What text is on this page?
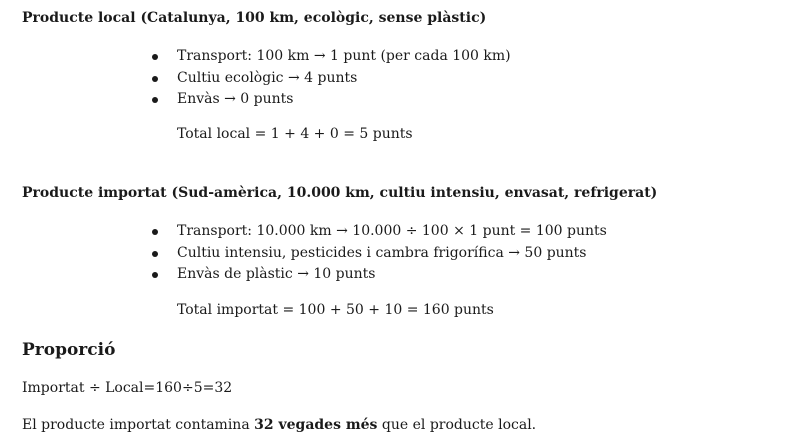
Producte local (Catalunya, 100 km, ecològic, sense plàstic)
Transport: 100 km → 1 punt (per cada 100 km)
Cultiu ecològic → 4 punts
Envàs → 0 punts
Total local = 1 + 4 + 0 = 5 punts
Producte importat (Sud-amèrica, 10.000 km, cultiu intensiu, envasat, refrigerat)
Transport: 10.000 km → 10.000 ÷ 100 × 1 punt = 100 punts
Cultiu intensiu, pesticides i cambra frigorífica → 50 punts
Envàs de plàstic → 10 punts
Total importat = 100 + 50 + 10 = 160 punts
Proporció
Importat ÷ Local=160÷5=32
El producte importat contamina 32 vegades més que el producte local.
